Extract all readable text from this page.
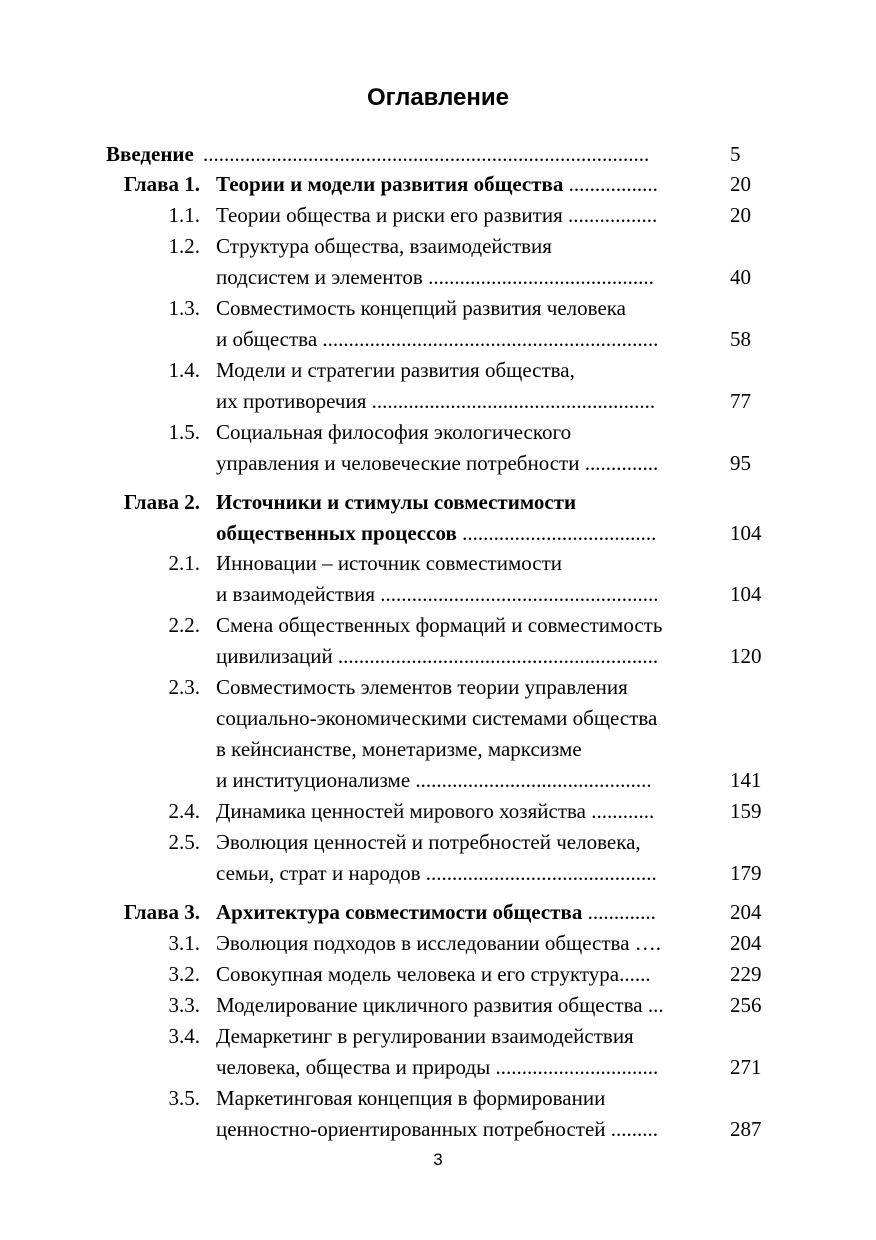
Оглавление
Введение .....................................................................................	5
Глава 1. Теории и модели развития общества .................	20
1.1. Теории общества и риски его развития .................	20
1.2. Структура общества, взаимодействия
подсистем и элементов ...........................................	40
1.3. Совместимость концепций развития человека
и общества ................................................................	58
1.4. Модели и стратегии развития общества,
их противоречия ......................................................	77
1.5. Социальная философия экологического
управления и человеческие потребности ..............	95
Глава 2. Источники и стимулы совместимости
общественных процессов .....................................	104
2.1. Инновации – источник совместимости
и взаимодействия .....................................................	104
2.2. Смена общественных формаций и совместимость
цивилизаций .............................................................	120
2.3. Совместимость элементов теории управления
социально-экономическими системами общества
в кейнсианстве, монетаризме, марксизме
и институционализме .............................................	141
2.4. Динамика ценностей мирового хозяйства ............	159
2.5. Эволюция ценностей и потребностей человека,
семьи, страт и народов ............................................	179
Глава 3. Архитектура совместимости общества .............	204
3.1. Эволюция подходов в исследовании общества ….	204
3.2. Совокупная модель человека и его структура......	229
3.3. Моделирование цикличного развития общества ...	256
3.4. Демаркетинг в регулировании взаимодействия
человека, общества и природы ...............................	271
3.5. Маркетинговая концепция в формировании
ценностно-ориентированных потребностей .........	287
3
